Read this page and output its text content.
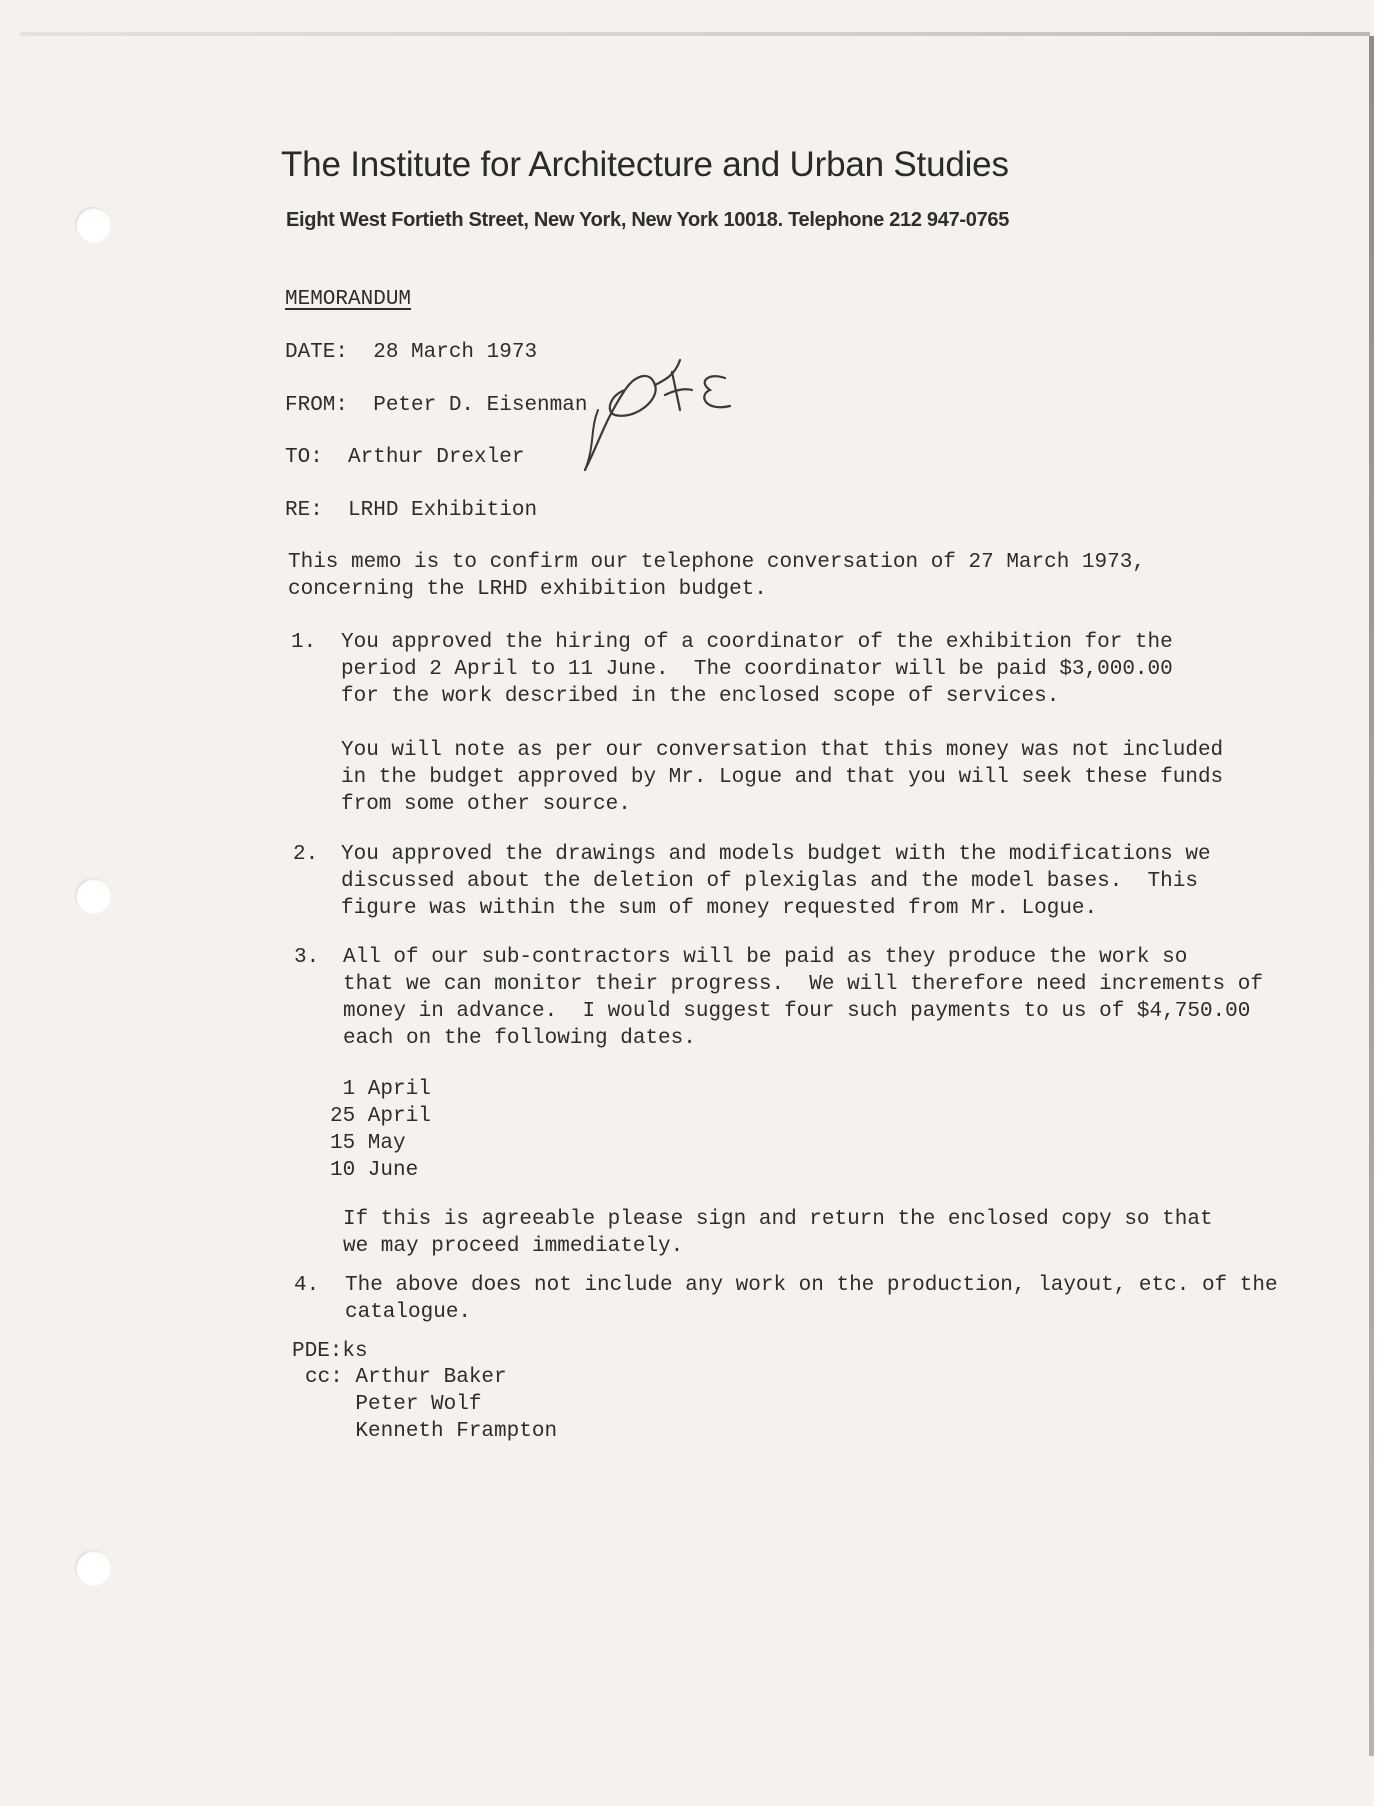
The Institute for Architecture and Urban Studies
Eight West Fortieth Street, New York, New York 10018. Telephone 212 947-0765
MEMORANDUM
DATE:  28 March 1973
FROM:  Peter D. Eisenman
TO:  Arthur Drexler
RE:  LRHD Exhibition
This memo is to confirm our telephone conversation of 27 March 1973,
concerning the LRHD exhibition budget.
1. You approved the hiring of a coordinator of the exhibition for the
period 2 April to 11 June.  The coordinator will be paid $3,000.00
for the work described in the enclosed scope of services.
You will note as per our conversation that this money was not included
in the budget approved by Mr. Logue and that you will seek these funds
from some other source.
2. You approved the drawings and models budget with the modifications we
discussed about the deletion of plexiglas and the model bases.  This
figure was within the sum of money requested from Mr. Logue.
3. All of our sub-contractors will be paid as they produce the work so
that we can monitor their progress.  We will therefore need increments of
money in advance.  I would suggest four such payments to us of $4,750.00
each on the following dates.
1 April
25 April
15 May
10 June
If this is agreeable please sign and return the enclosed copy so that
we may proceed immediately.
4. The above does not include any work on the production, layout, etc. of the
catalogue.
PDE:ks
cc: Arthur Baker
Peter Wolf
Kenneth Frampton
